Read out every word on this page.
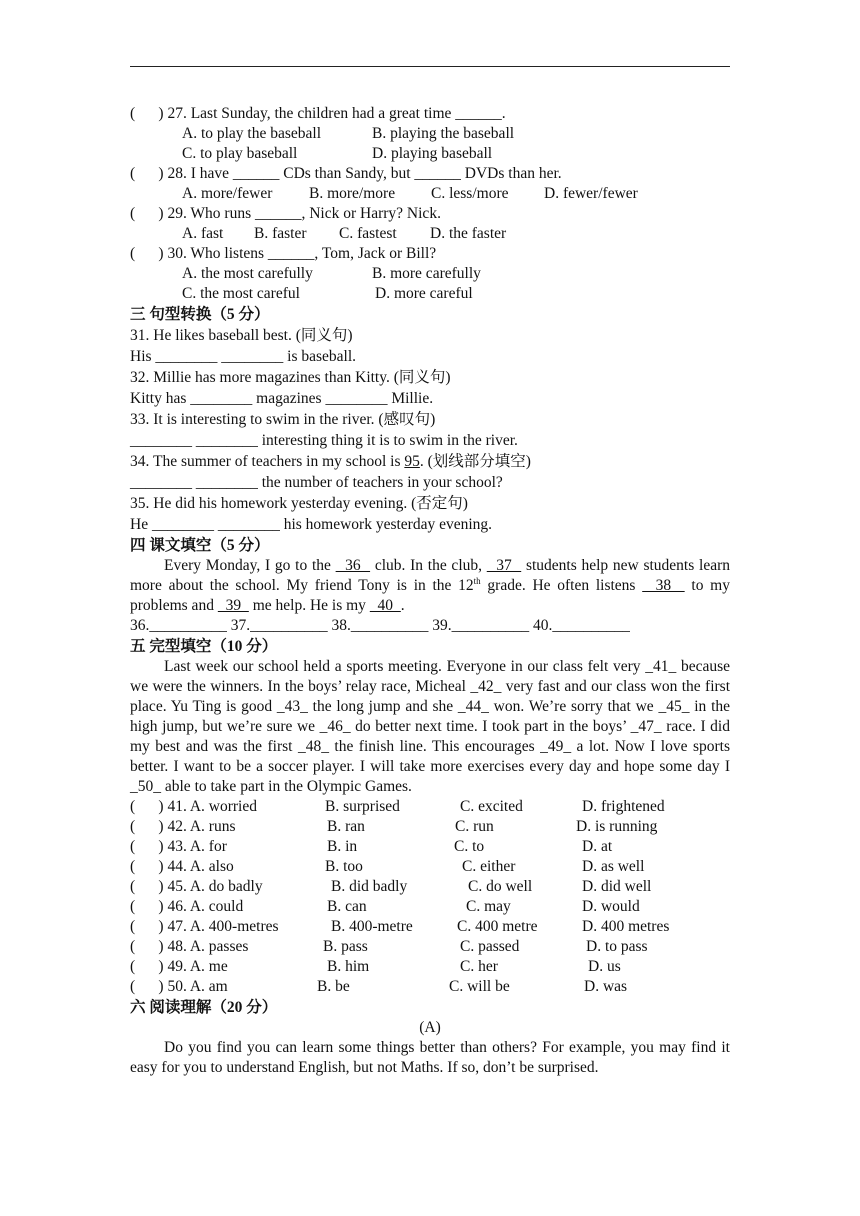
(      ) 27. Last Sunday, the children had a great time ______.
A. to play the baseball	B. playing the baseball
C. to play baseball	D. playing baseball
(      ) 28. I have ______ CDs than Sandy, but ______ DVDs than her.
A. more/fewer B. more/more C. less/more D. fewer/fewer
(      ) 29. Who runs ______, Nick or Harry? Nick.
A. fast B. faster C. fastest D. the faster
(      ) 30. Who listens ______, Tom, Jack or Bill?
A. the most carefully	B. more carefully
C. the most careful	D. more careful
三 句型转换（5 分）
31. He likes baseball best. (同义句)
His ________ ________ is baseball.
32. Millie has more magazines than Kitty. (同义句)
Kitty has ________ magazines ________ Millie.
33. It is interesting to swim in the river. (感叹句)
________ ________ interesting thing it is to swim in the river.
34. The summer of teachers in my school is 95. (划线部分填空)
________ ________ the number of teachers in your school?
35. He did his homework yesterday evening. (否定句)
He ________ ________ his homework yesterday evening.
四 课文填空（5 分）
Every Monday, I go to the   36   club. In the club,   37   students help new students learn more about the school. My friend Tony is in the 12th grade. He often listens   38   to my problems and   39   me help. He is my   40  .
36.__________ 37.__________ 38.__________ 39.__________ 40.__________
五 完型填空（10 分）
Last week our school held a sports meeting. Everyone in our class felt very _41_ because we were the winners. In the boys’ relay race, Micheal _42_ very fast and our class won the first place. Yu Ting is good _43_ the long jump and she _44_ won. We’re sorry that we _45_ in the high jump, but we’re sure we _46_ do better next time. I took part in the boys’ _47_ race. I did my best and was the first _48_ the finish line. This encourages _49_ a lot. Now I love sports better. I want to be a soccer player. I will take more exercises every day and hope some day I _50_ able to take part in the Olympic Games.
(      ) 41. A. worried	B. surprised	C. excited	D. frightened
(      ) 42. A. runs	B. ran	C. run	D. is running
(      ) 43. A. for	B. in	C. to	D. at
(      ) 44. A. also	B. too	C. either	D. as well
(      ) 45. A. do badly	B. did badly	C. do well	D. did well
(      ) 46. A. could	B. can	C. may	D. would
(      ) 47. A. 400-metres	B. 400-metre	C. 400 metre	D. 400 metres
(      ) 48. A. passes	B. pass	C. passed	D. to pass
(      ) 49. A. me	B. him	C. her	D. us
(      ) 50. A. am	B. be	C. will be	D. was
六 阅读理解（20 分）
(A)
Do you find you can learn some things better than others? For example, you may find it easy for you to understand English, but not Maths. If so, don’t be surprised.
